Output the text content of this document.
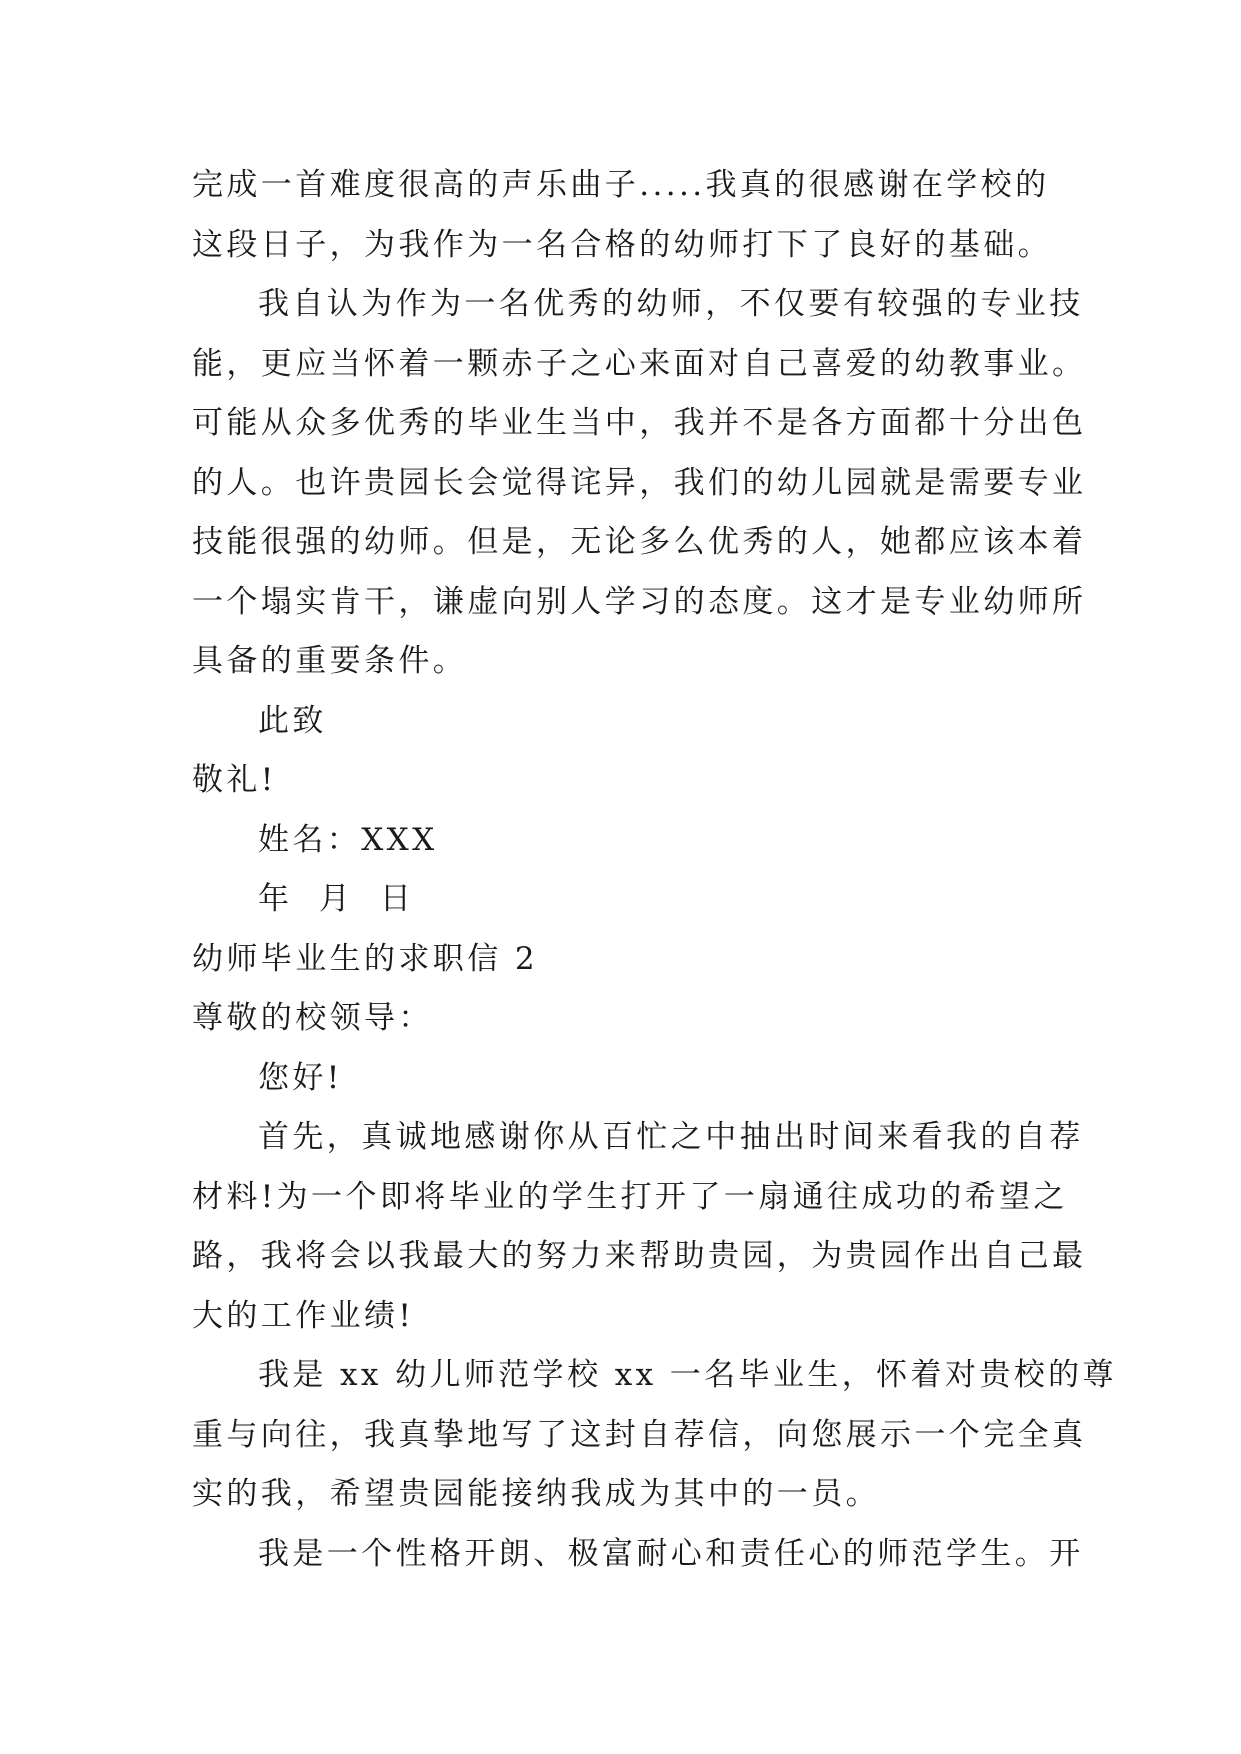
完成一首难度很高的声乐曲子.....我真的很感谢在学校的
这段日子，为我作为一名合格的幼师打下了良好的基础。
我自认为作为一名优秀的幼师，不仅要有较强的专业技
能，更应当怀着一颗赤子之心来面对自己喜爱的幼教事业。
可能从众多优秀的毕业生当中，我并不是各方面都十分出色
的人。也许贵园长会觉得诧异，我们的幼儿园就是需要专业
技能很强的幼师。但是，无论多么优秀的人，她都应该本着
一个塌实肯干，谦虚向别人学习的态度。这才是专业幼师所
具备的重要条件。
此致
敬礼!
姓名：XXX
年  月  日
幼师毕业生的求职信 2
尊敬的校领导：
您好!
首先，真诚地感谢你从百忙之中抽出时间来看我的自荐
材料!为一个即将毕业的学生打开了一扇通往成功的希望之
路，我将会以我最大的努力来帮助贵园，为贵园作出自己最
大的工作业绩!
我是 xx 幼儿师范学校 xx 一名毕业生，怀着对贵校的尊
重与向往，我真挚地写了这封自荐信，向您展示一个完全真
实的我，希望贵园能接纳我成为其中的一员。
我是一个性格开朗、极富耐心和责任心的师范学生。开
